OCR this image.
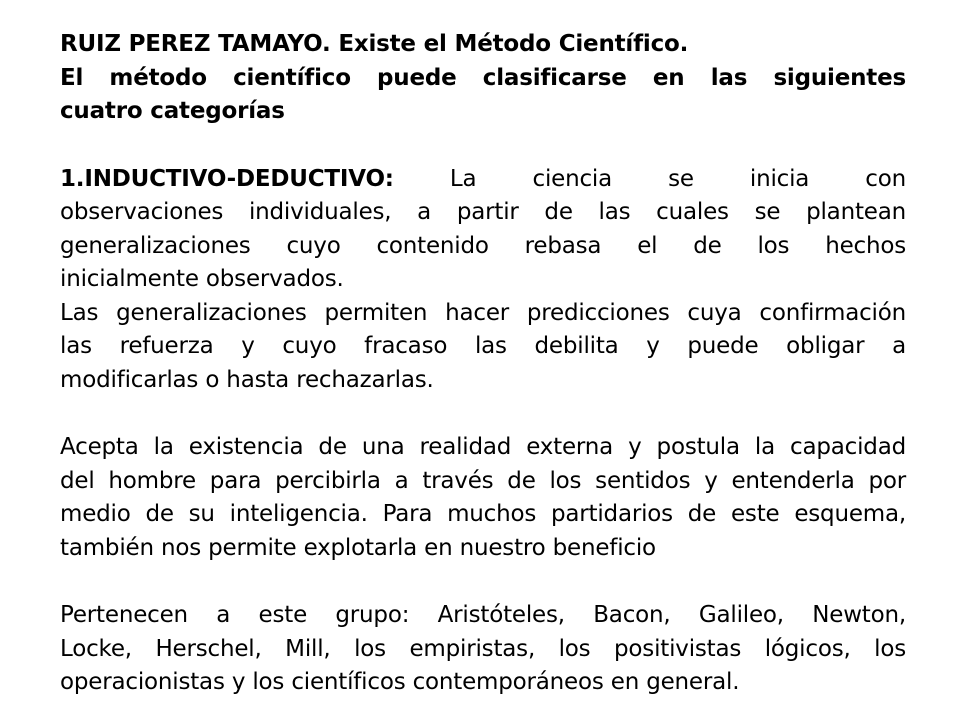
RUIZ PEREZ TAMAYO. Existe el Método Científico.
El método científico puede clasificarse en las siguientes
cuatro categorías
1.INDUCTIVO-DEDUCTIVO: La ciencia se inicia con
observaciones individuales, a partir de las cuales se plantean
generalizaciones cuyo contenido rebasa el de los hechos
inicialmente observados.
Las generalizaciones permiten hacer predicciones cuya confirmación
las refuerza y cuyo fracaso las debilita y puede obligar a
modificarlas o hasta rechazarlas.
Acepta la existencia de una realidad externa y postula la capacidad
del hombre para percibirla a través de los sentidos y entenderla por
medio de su inteligencia. Para muchos partidarios de este esquema,
también nos permite explotarla en nuestro beneficio
Pertenecen a este grupo: Aristóteles, Bacon, Galileo, Newton,
Locke, Herschel, Mill, los empiristas, los positivistas lógicos, los
operacionistas y los científicos contemporáneos en general.
